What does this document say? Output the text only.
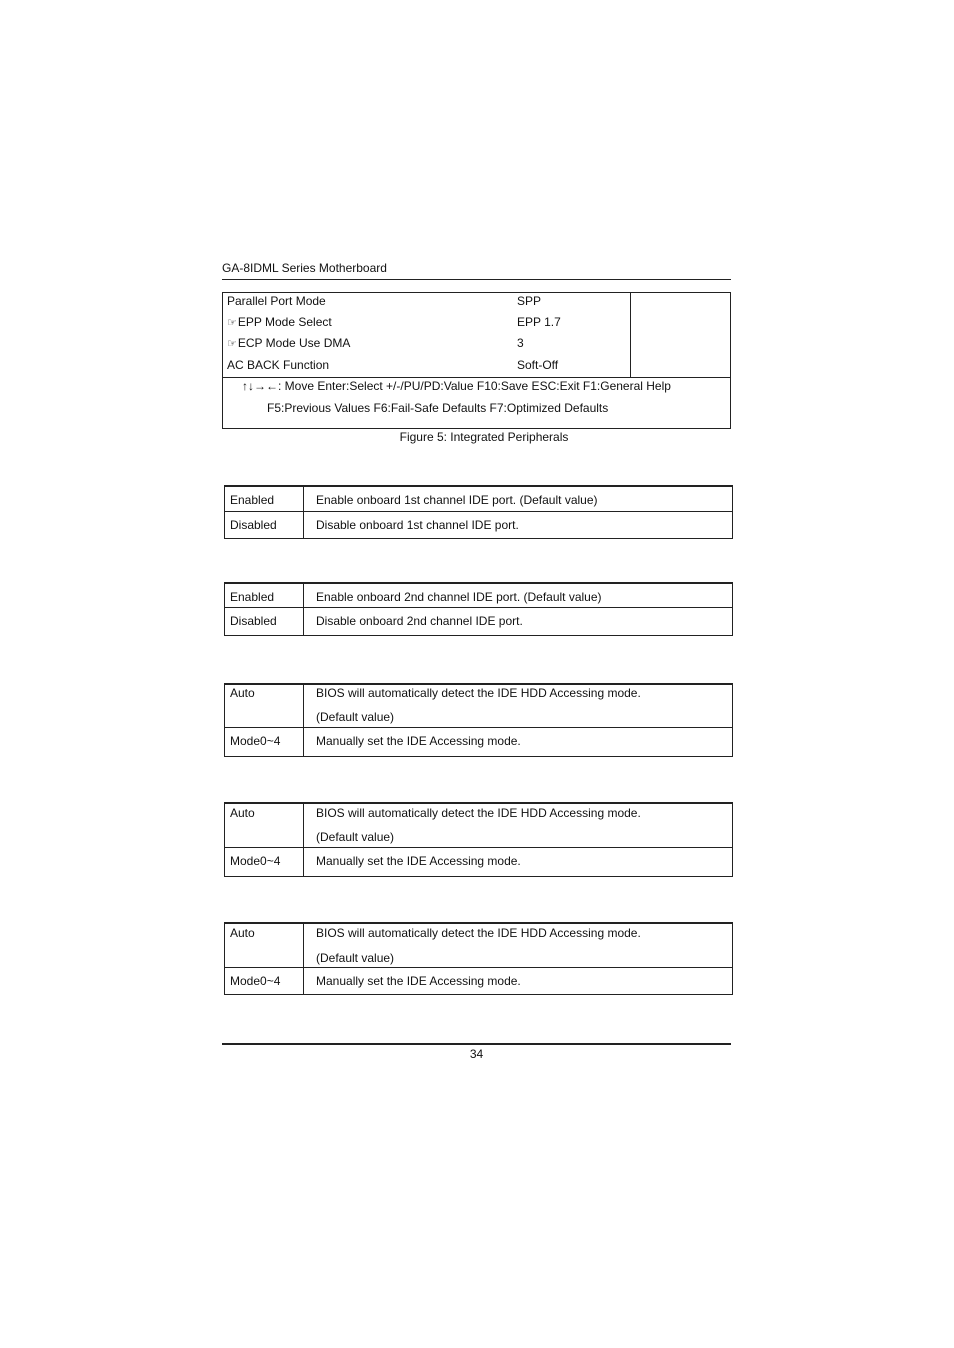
GA-8IDML Series Motherboard
Parallel Port Mode	SPP
☞EPP Mode Select	EPP 1.7
☞ECP Mode Use DMA	3
AC BACK Function	Soft-Off
↑↓→←: Move Enter:Select +/-/PU/PD:Value F10:Save ESC:Exit F1:General Help
F5:Previous Values F6:Fail-Safe Defaults F7:Optimized Defaults
Figure 5: Integrated Peripherals
Enabled	Enable onboard 1st channel IDE port. (Default value)
Disabled	Disable onboard 1st channel IDE port.
Enabled	Enable onboard 2nd channel IDE port. (Default value)
Disabled	Disable onboard 2nd channel IDE port.
Auto	BIOS will automatically detect the IDE HDD Accessing mode.
(Default value)
Mode0~4	Manually set the IDE Accessing mode.
Auto	BIOS will automatically detect the IDE HDD Accessing mode.
(Default value)
Mode0~4	Manually set the IDE Accessing mode.
Auto	BIOS will automatically detect the IDE HDD Accessing mode.
(Default value)
Mode0~4	Manually set the IDE Accessing mode.
34
